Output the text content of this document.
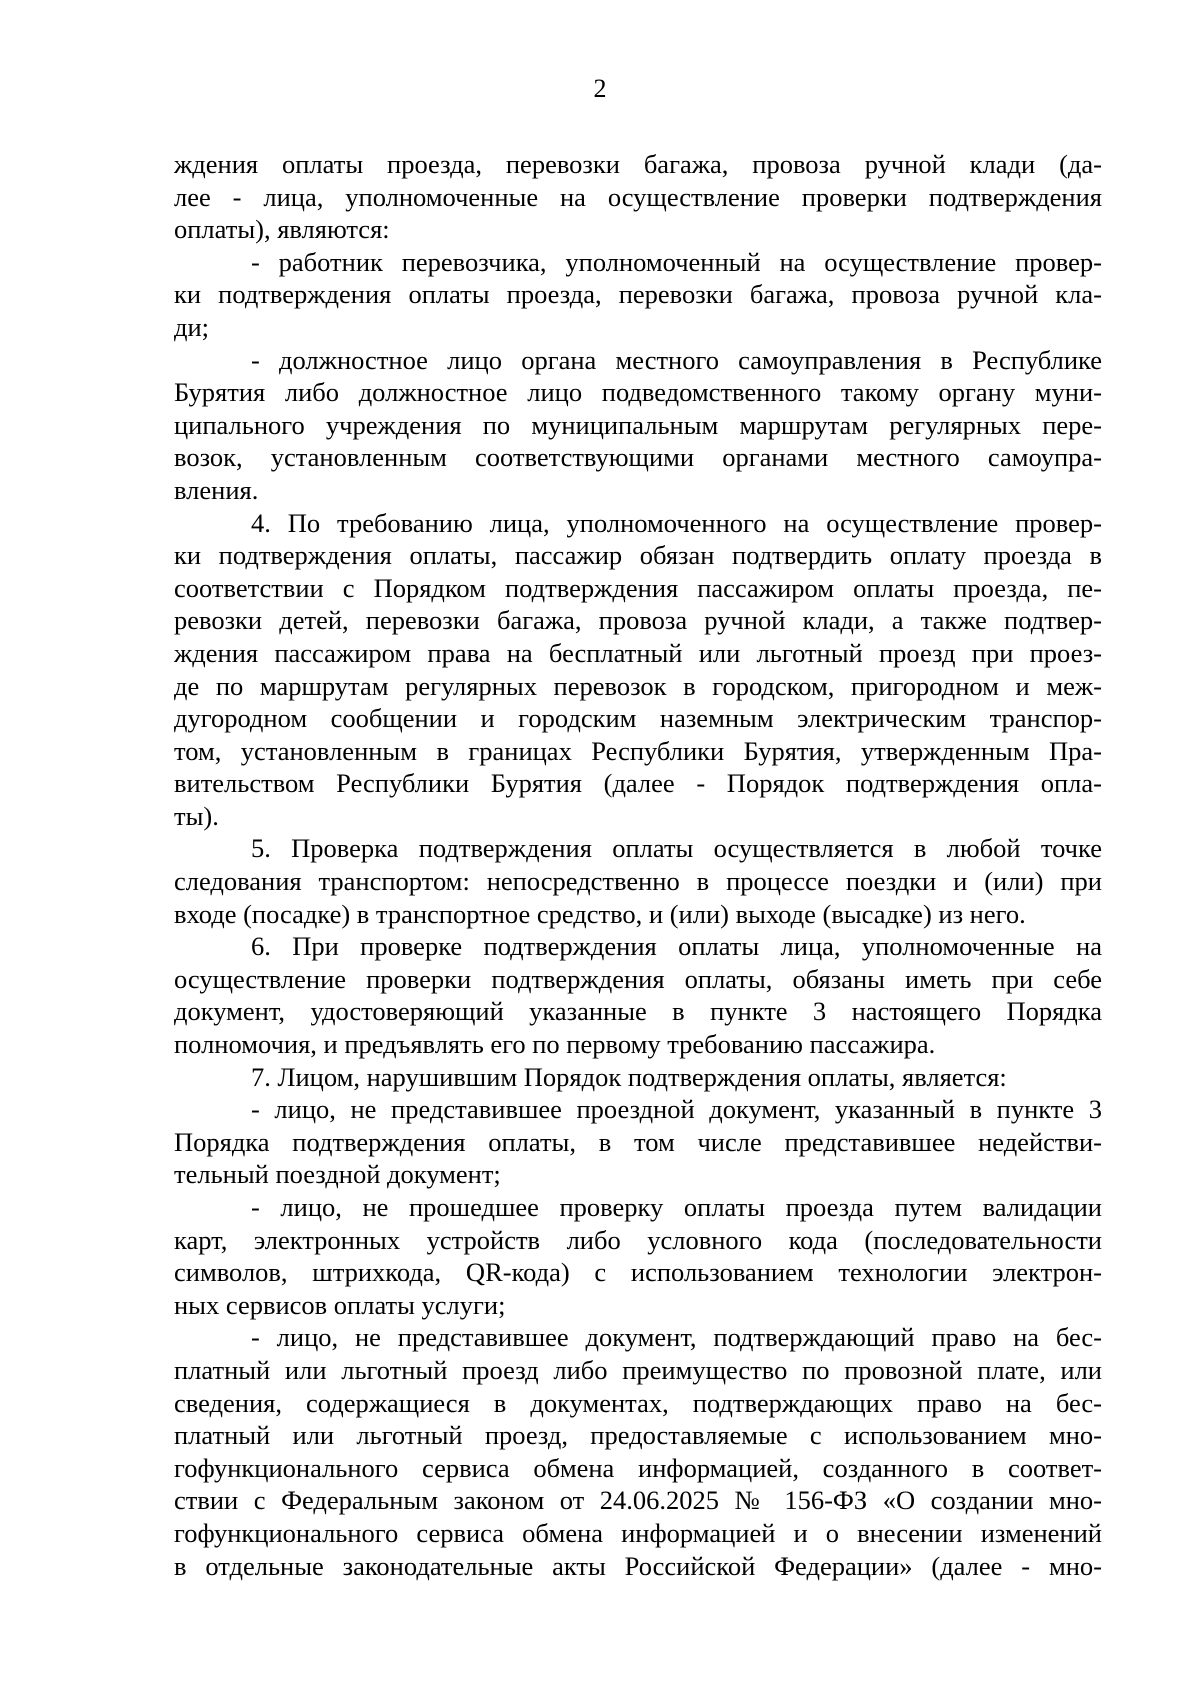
2
ждения оплаты проезда, перевозки багажа, провоза ручной клади (да-
лее - лица, уполномоченные на осуществление проверки подтверждения
оплаты), являются:
- работник перевозчика, уполномоченный на осуществление провер-
ки подтверждения оплаты проезда, перевозки багажа, провоза ручной кла-
ди;
- должностное лицо органа местного самоуправления в Республике
Бурятия либо должностное лицо подведомственного такому органу муни-
ципального учреждения по муниципальным маршрутам регулярных пере-
возок, установленным соответствующими органами местного самоупра-
вления.
4. По требованию лица, уполномоченного на осуществление провер-
ки подтверждения оплаты, пассажир обязан подтвердить оплату проезда в
соответствии с Порядком подтверждения пассажиром оплаты проезда, пе-
ревозки детей, перевозки багажа, провоза ручной клади, а также подтвер-
ждения пассажиром права на бесплатный или льготный проезд при проез-
де по маршрутам регулярных перевозок в городском, пригородном и меж-
дугородном сообщении и городским наземным электрическим транспор-
том, установленным в границах Республики Бурятия, утвержденным Пра-
вительством Республики Бурятия (далее - Порядок подтверждения опла-
ты).
5. Проверка подтверждения оплаты осуществляется в любой точке
следования транспортом: непосредственно в процессе поездки и (или) при
входе (посадке) в транспортное средство, и (или) выходе (высадке) из него.
6. При проверке подтверждения оплаты лица, уполномоченные на
осуществление проверки подтверждения оплаты, обязаны иметь при себе
документ, удостоверяющий указанные в пункте 3 настоящего Порядка
полномочия, и предъявлять его по первому требованию пассажира.
7. Лицом, нарушившим Порядок подтверждения оплаты, является:
- лицо, не представившее проездной документ, указанный в пункте 3
Порядка подтверждения оплаты, в том числе представившее недействи-
тельный поездной документ;
- лицо, не прошедшее проверку оплаты проезда путем валидации
карт, электронных устройств либо условного кода (последовательности
символов, штрихкода, QR-кода) с использованием технологии электрон-
ных сервисов оплаты услуги;
- лицо, не представившее документ, подтверждающий право на бес-
платный или льготный проезд либо преимущество по провозной плате, или
сведения, содержащиеся в документах, подтверждающих право на бес-
платный или льготный проезд, предоставляемые с использованием мно-
гофункционального сервиса обмена информацией, созданного в соответ-
ствии с Федеральным законом от 24.06.2025 № 156-ФЗ «О создании мно-
гофункционального сервиса обмена информацией и о внесении изменений
в отдельные законодательные акты Российской Федерации» (далее - мно-
